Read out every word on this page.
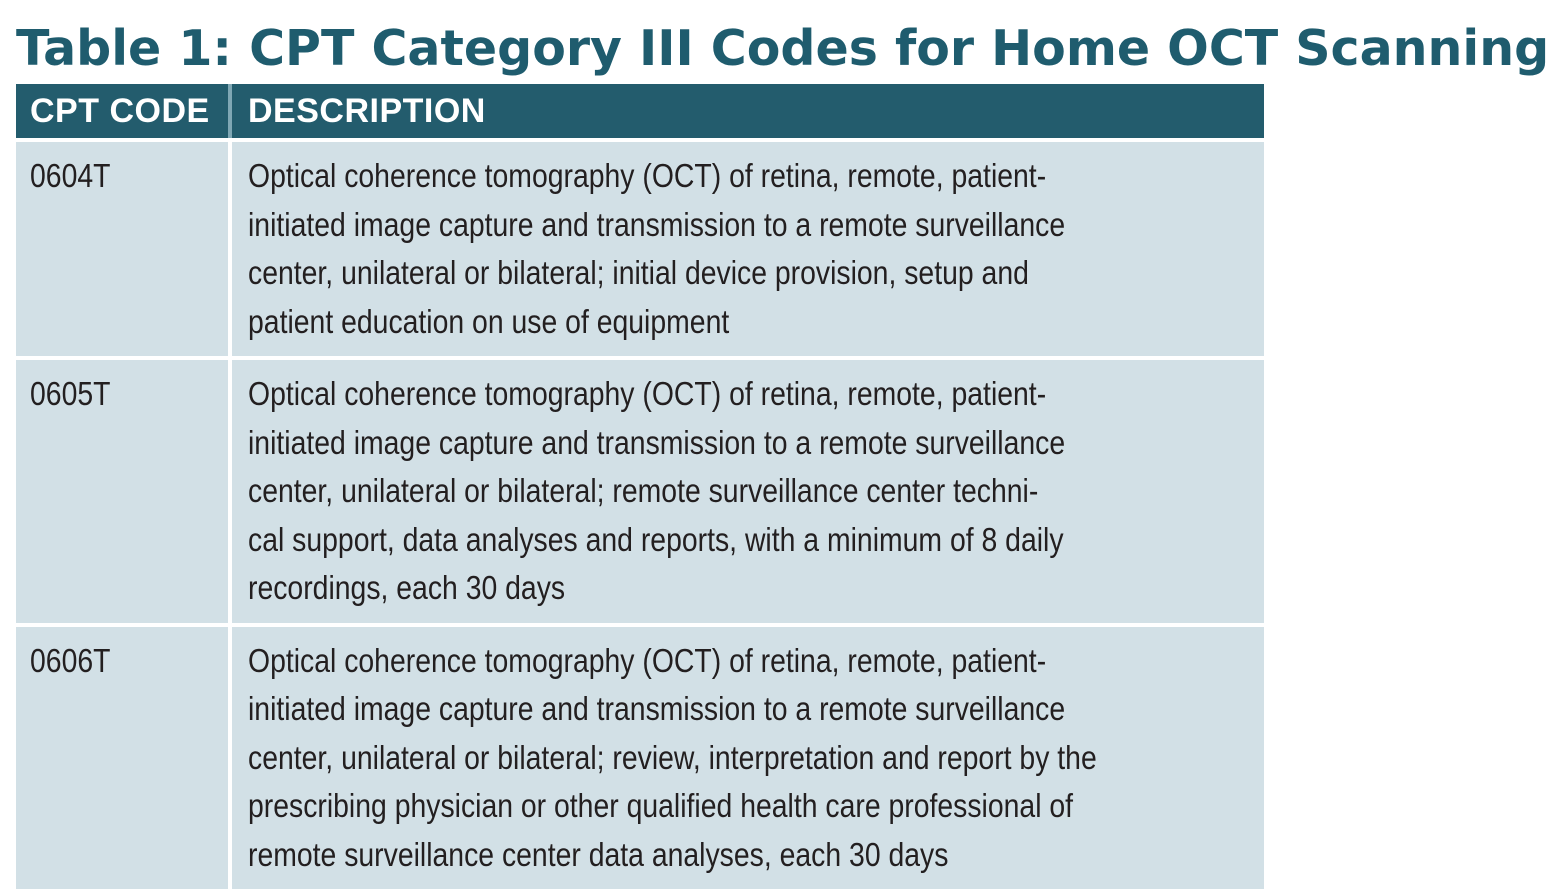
Table 1: CPT Category III Codes for Home OCT Scanning
CPT CODE	DESCRIPTION
0604T	Optical coherence tomography (OCT) of retina, remote, patient-
initiated image capture and transmission to a remote surveillance
center, unilateral or bilateral; initial device provision, setup and
patient education on use of equipment
0605T	Optical coherence tomography (OCT) of retina, remote, patient-
initiated image capture and transmission to a remote surveillance
center, unilateral or bilateral; remote surveillance center techni-
cal support, data analyses and reports, with a minimum of 8 daily
recordings, each 30 days
0606T	Optical coherence tomography (OCT) of retina, remote, patient-
initiated image capture and transmission to a remote surveillance
center, unilateral or bilateral; review, interpretation and report by the
prescribing physician or other qualified health care professional of
remote surveillance center data analyses, each 30 days
